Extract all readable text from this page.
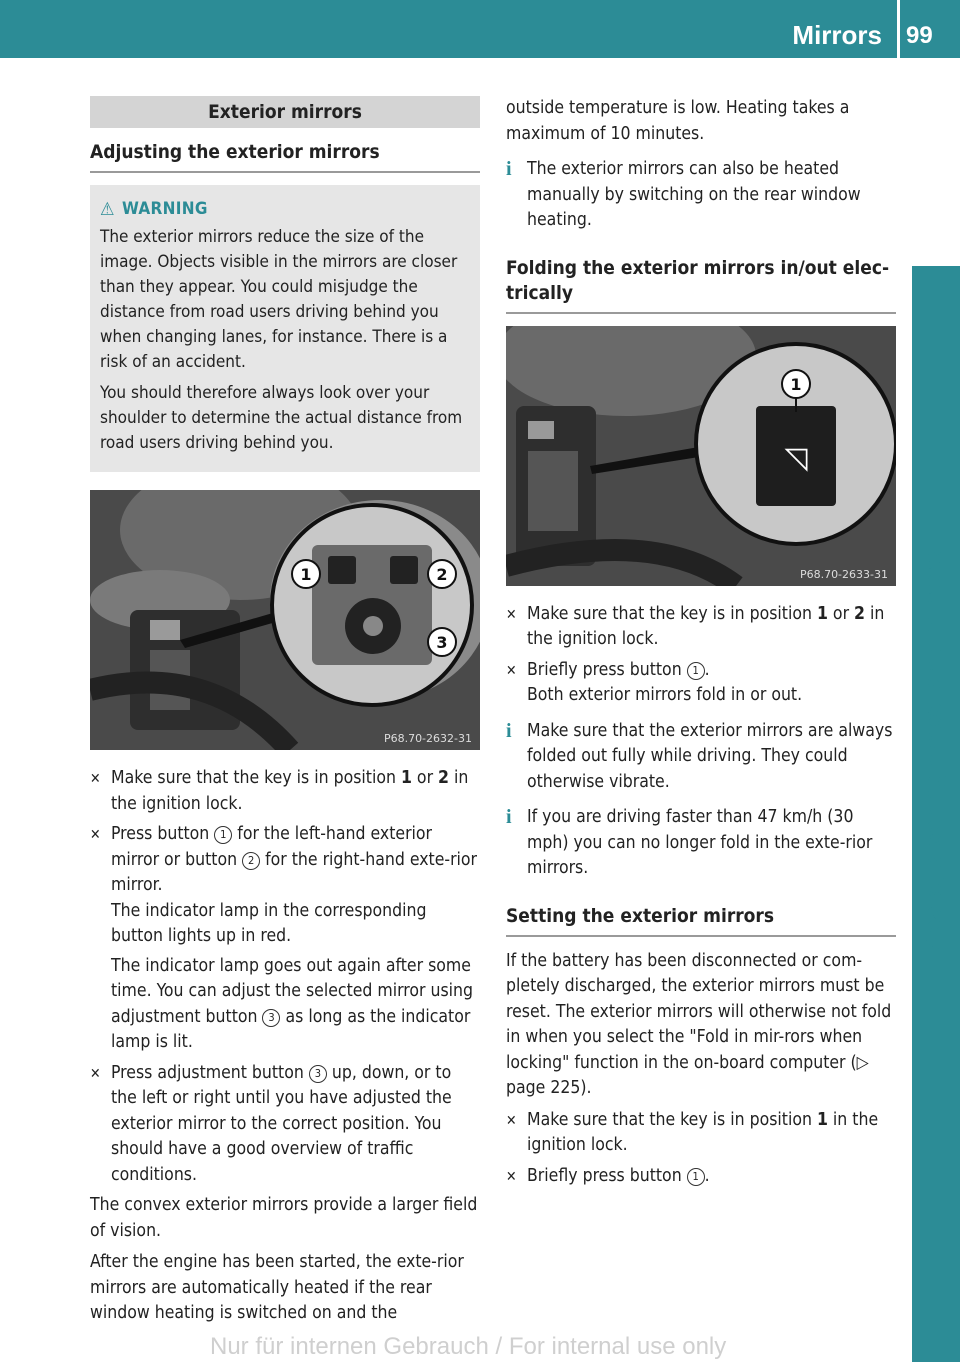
Mirrors 99
Seats, steering wheel and mirrors
Exterior mirrors
Adjusting the exterior mirrors
⚠ WARNING

The exterior mirrors reduce the size of the image. Objects visible in the mirrors are closer than they appear. You could misjudge the distance from road users driving behind you when changing lanes, for instance. There is a risk of an accident.

You should therefore always look over your shoulder to determine the actual distance from road users driving behind you.

1	2
3
P68.70-2632-31
✕ Make sure that the key is in position 1 or 2 in the ignition lock.

✕ Press button 1 for the left-hand exterior mirror or button 2 for the right-hand exte-rior mirror.
The indicator lamp in the corresponding button lights up in red.

The indicator lamp goes out again after some time. You can adjust the selected mirror using adjustment button 3 as long as the indicator lamp is lit.

✕ Press adjustment button 3 up, down, or to the left or right until you have adjusted the exterior mirror to the correct position. You should have a good overview of traffic conditions.

The convex exterior mirrors provide a larger field of vision.

After the engine has been started, the exte-rior mirrors are automatically heated if the rear window heating is switched on and the

outside temperature is low. Heating takes a maximum of 10 minutes.

i The exterior mirrors can also be heated manually by switching on the rear window heating.
Folding the exterior mirrors in/out elec-trically
◹
1
P68.70-2633-31
✕ Make sure that the key is in position 1 or 2 in the ignition lock.

✕ Briefly press button 1 .
Both exterior mirrors fold in or out.

i Make sure that the exterior mirrors are always folded out fully while driving. They could otherwise vibrate.
i If you are driving faster than 47 km/h (30 mph) you can no longer fold in the exte-rior mirrors.
Setting the exterior mirrors

If the battery has been disconnected or com-pletely discharged, the exterior mirrors must be reset. The exterior mirrors will otherwise not fold in when you select the "Fold in mir-rors when locking" function in the on-board computer (▷ page 225).

✕ Make sure that the key is in position 1 in the ignition lock.

✕ Briefly press button 1 .

Nur für internen Gebrauch / For internal use only
